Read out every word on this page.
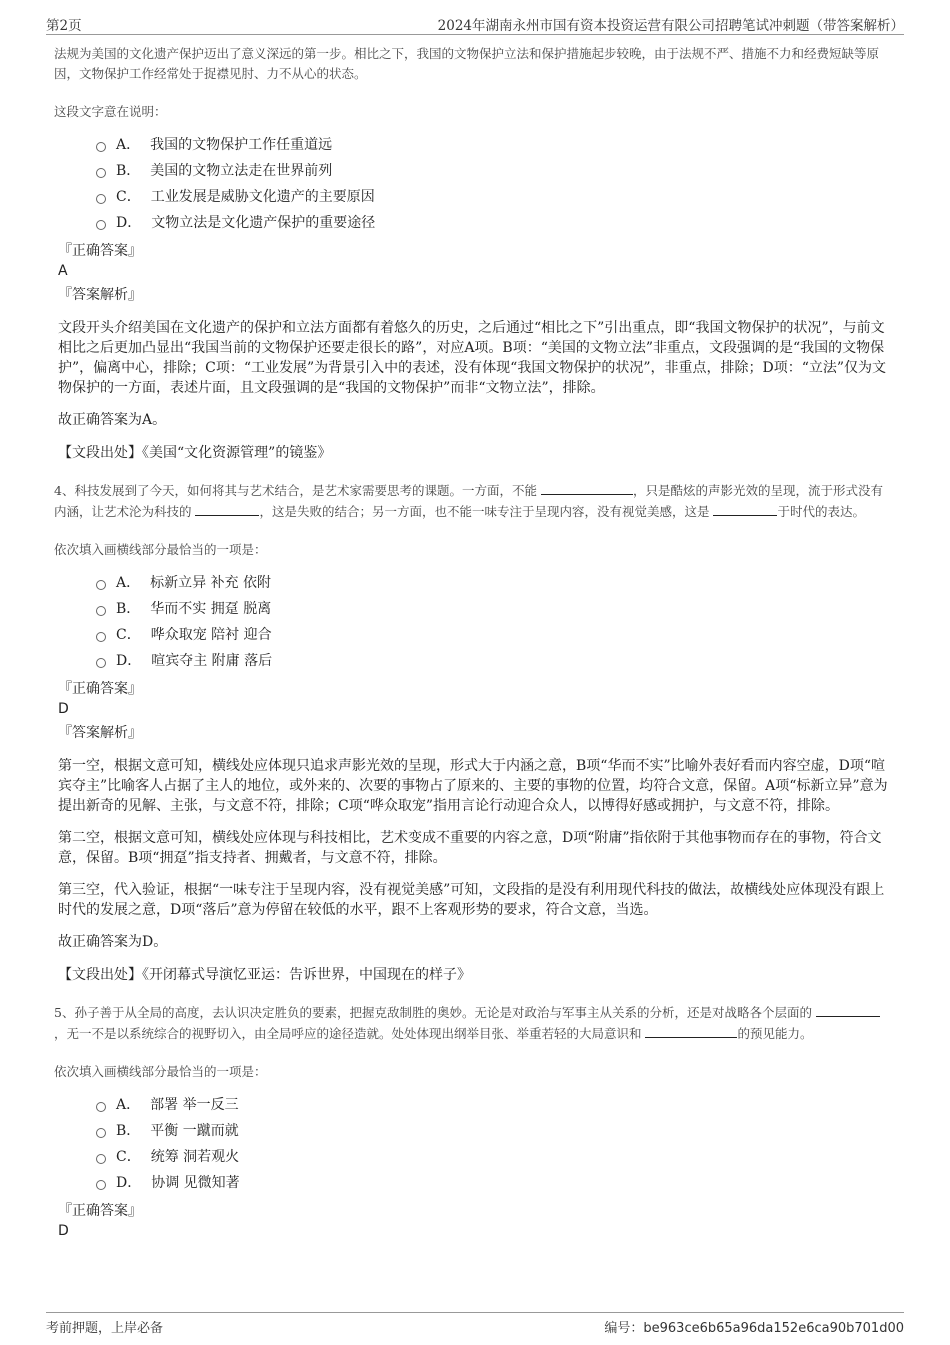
第2页	2024年湖南永州市国有资本投资运营有限公司招聘笔试冲刺题（带答案解析）

法规为美国的文化遗产保护迈出了意义深远的第一步。相比之下，我国的文物保护立法和保护措施起步较晚，由于法规不严、措施不力和经费短缺等原因，文物保护工作经常处于捉襟见肘、力不从心的状态。

这段文字意在说明：
A． 我国的文物保护工作任重道远
B． 美国的文物立法走在世界前列
C． 工业发展是威胁文化遗产的主要原因
D． 文物立法是文化遗产保护的重要途径
『正确答案』
A
『答案解析』
文段开头介绍美国在文化遗产的保护和立法方面都有着悠久的历史，之后通过“相比之下”引出重点，即“我国文物保护的状况”，与前文相比之后更加凸显出“我国当前的文物保护还要走很长的路”，对应A项。B项：“美国的文物立法”非重点，文段强调的是“我国的文物保护”，偏离中心，排除；C项：“工业发展”为背景引入中的表述，没有体现“我国文物保护的状况”，非重点，排除；D项：“立法”仅为文物保护的一方面，表述片面，且文段强调的是“我国的文物保护”而非“文物立法”，排除。
故正确答案为A。
【文段出处】《美国“文化资源管理”的镜鉴》
4、科技发展到了今天，如何将其与艺术结合，是艺术家需要思考的课题。一方面，不能	，只是酷炫的声影光效的呈现，流于形式没有内涵，让艺术沦为科技的	，这是失败的结合；另一方面，也不能一味专注于呈现内容，没有视觉美感，这是	于时代的表达。
依次填入画横线部分最恰当的一项是：
A． 标新立异 补充 依附
B． 华而不实 拥趸 脱离
C． 哗众取宠 陪衬 迎合
D． 喧宾夺主 附庸 落后
『正确答案』
D
『答案解析』
第一空，根据文意可知，横线处应体现只追求声影光效的呈现，形式大于内涵之意，B项“华而不实”比喻外表好看而内容空虚，D项“喧宾夺主”比喻客人占据了主人的地位，或外来的、次要的事物占了原来的、主要的事物的位置，均符合文意，保留。A项“标新立异”意为提出新奇的见解、主张，与文意不符，排除；C项“哗众取宠”指用言论行动迎合众人，以博得好感或拥护，与文意不符，排除。
第二空，根据文意可知，横线处应体现与科技相比，艺术变成不重要的内容之意，D项“附庸”指依附于其他事物而存在的事物，符合文意，保留。B项“拥趸”指支持者、拥戴者，与文意不符，排除。
第三空，代入验证，根据“一味专注于呈现内容，没有视觉美感”可知，文段指的是没有利用现代科技的做法，故横线处应体现没有跟上时代的发展之意，D项“落后”意为停留在较低的水平，跟不上客观形势的要求，符合文意，当选。
故正确答案为D。
【文段出处】《开闭幕式导演忆亚运：告诉世界，中国现在的样子》
5、孙子善于从全局的高度，去认识决定胜负的要素，把握克敌制胜的奥妙。无论是对政治与军事主从关系的分析，还是对战略各个层面的 ，无一不是以系统综合的视野切入，由全局呼应的途径造就。处处体现出纲举目张、举重若轻的大局意识和	的预见能力。
依次填入画横线部分最恰当的一项是：
A． 部署 举一反三
B． 平衡 一蹴而就
C． 统筹 洞若观火
D． 协调 见微知著
『正确答案』
D
考前押题，上岸必备	编号：be963ce6b65a96da152e6ca90b701d00
